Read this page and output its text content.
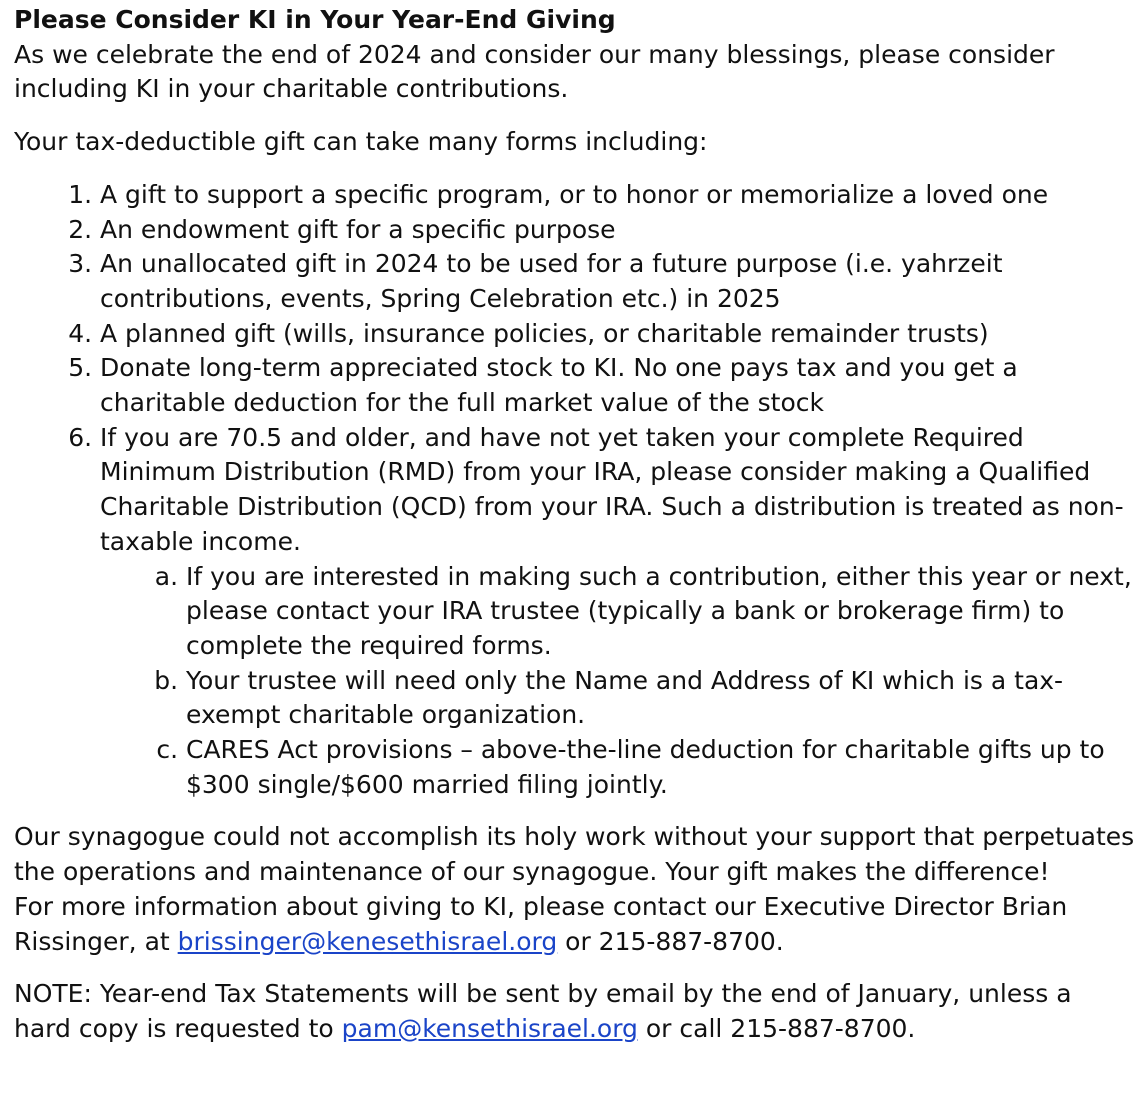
Please Consider KI in Your Year-End Giving

As we celebrate the end of 2024 and consider our many blessings, please consider including KI in your charitable contributions.

Your tax-deductible gift can take many forms including:

1. A gift to support a specific program, or to honor or memorialize a loved one
2. An endowment gift for a specific purpose
3. An unallocated gift in 2024 to be used for a future purpose (i.e. yahrzeit contributions, events, Spring Celebration etc.) in 2025
4. A planned gift (wills, insurance policies, or charitable remainder trusts)
5. Donate long-term appreciated stock to KI. No one pays tax and you get a charitable deduction for the full market value of the stock
6. If you are 70.5 and older, and have not yet taken your complete Required Minimum Distribution (RMD) from your IRA, please consider making a Qualified Charitable Distribution (QCD) from your IRA. Such a distribution is treated as non-taxable income.
a. If you are interested in making such a contribution, either this year or next, please contact your IRA trustee (typically a bank or brokerage firm) to complete the required forms.
b. Your trustee will need only the Name and Address of KI which is a tax-exempt charitable organization.
c. CARES Act provisions – above-the-line deduction for charitable gifts up to $300 single/$600 married filing jointly.

Our synagogue could not accomplish its holy work without your support that perpetuates the operations and maintenance of our synagogue. Your gift makes the difference!

For more information about giving to KI, please contact our Executive Director Brian Rissinger, at brissinger@kenesethisrael.org or 215-887-8700.

NOTE: Year-end Tax Statements will be sent by email by the end of January, unless a hard copy is requested to pam@kensethisrael.org or call 215-887-8700.
